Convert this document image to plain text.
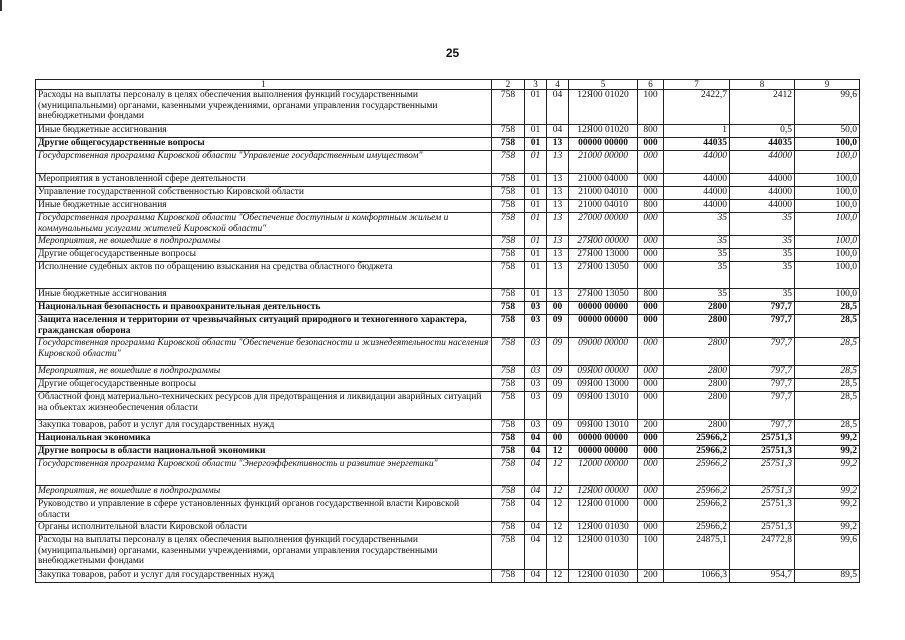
25
1	2	3	4	5	6	7	8	9
Расходы на выплаты персоналу в целях обеспечения выполнения функций государственными (муниципальными) органами, казенными учреждениями, органами управления государственными внебюджетными фондами	758	01	04	12Я00 01020	100	2422,7	2412	99,6
Иные бюджетные ассигнования	758	01	04	12Я00 01020	800	1	0,5	50,0
Другие общегосударственные вопросы	758	01	13	00000 00000	000	44035	44035	100,0
Государственная программа Кировской области "Управление государственным имуществом"	758	01	13	21000 00000	000	44000	44000	100,0
Мероприятия в установленной сфере деятельности	758	01	13	21000 04000	000	44000	44000	100,0
Управление государственной собственностью Кировской области	758	01	13	21000 04010	000	44000	44000	100,0
Иные бюджетные ассигнования	758	01	13	21000 04010	800	44000	44000	100,0
Государственная программа Кировской области "Обеспечение доступным и комфортным жильем и коммунальными услугами жителей Кировской области"	758	01	13	27000 00000	000	35	35	100,0
Мероприятия, не вошедшие в подпрограммы	758	01	13	27Я00 00000	000	35	35	100,0
Другие общегосударственные вопросы	758	01	13	27Я00 13000	000	35	35	100,0
Исполнение судебных актов по обращению взыскания на средства областного бюджета	758	01	13	27Я00 13050	000	35	35	100,0
Иные бюджетные ассигнования	758	01	13	27Я00 13050	800	35	35	100,0
Национальная безопасность и правоохранительная деятельность	758	03	00	00000 00000	000	2800	797,7	28,5
Защита населения и территории от чрезвычайных ситуаций природного и техногенного характера, гражданская оборона	758	03	09	00000 00000	000	2800	797,7	28,5
Государственная программа Кировской области "Обеспечение безопасности и жизнедеятельности населения Кировской области"	758	03	09	09000 00000	000	2800	797,7	28,5
Мероприятия, не вошедшие в подпрограммы	758	03	09	09Я00 00000	000	2800	797,7	28,5
Другие общегосударственные вопросы	758	03	09	09Я00 13000	000	2800	797,7	28,5
Областной фонд материально-технических ресурсов для предотвращения и ликвидации аварийных ситуаций на объектах жизнеобеспечения области	758	03	09	09Я00 13010	000	2800	797,7	28,5
Закупка товаров, работ и услуг для государственных нужд	758	03	09	09Я00 13010	200	2800	797,7	28,5
Национальная экономика	758	04	00	00000 00000	000	25966,2	25751,3	99,2
Другие вопросы в области национальной экономики	758	04	12	00000 00000	000	25966,2	25751,3	99,2
Государственная программа Кировской области "Энергоэффективность и развитие энергетики"	758	04	12	12000 00000	000	25966,2	25751,3	99,2
Мероприятия, не вошедшие в подпрограммы	758	04	12	12Я00 00000	000	25966,2	25751,3	99,2
Руководство и управление в сфере установленных функций органов государственной власти Кировской области	758	04	12	12Я00 01000	000	25966,2	25751,3	99,2
Органы исполнительной власти Кировской области	758	04	12	12Я00 01030	000	25966,2	25751,3	99,2
Расходы на выплаты персоналу в целях обеспечения выполнения функций государственными (муниципальными) органами, казенными учреждениями, органами управления государственными внебюджетными фондами	758	04	12	12Я00 01030	100	24875,1	24772,8	99,6
Закупка товаров, работ и услуг для государственных нужд	758	04	12	12Я00 01030	200	1066,3	954,7	89,5
